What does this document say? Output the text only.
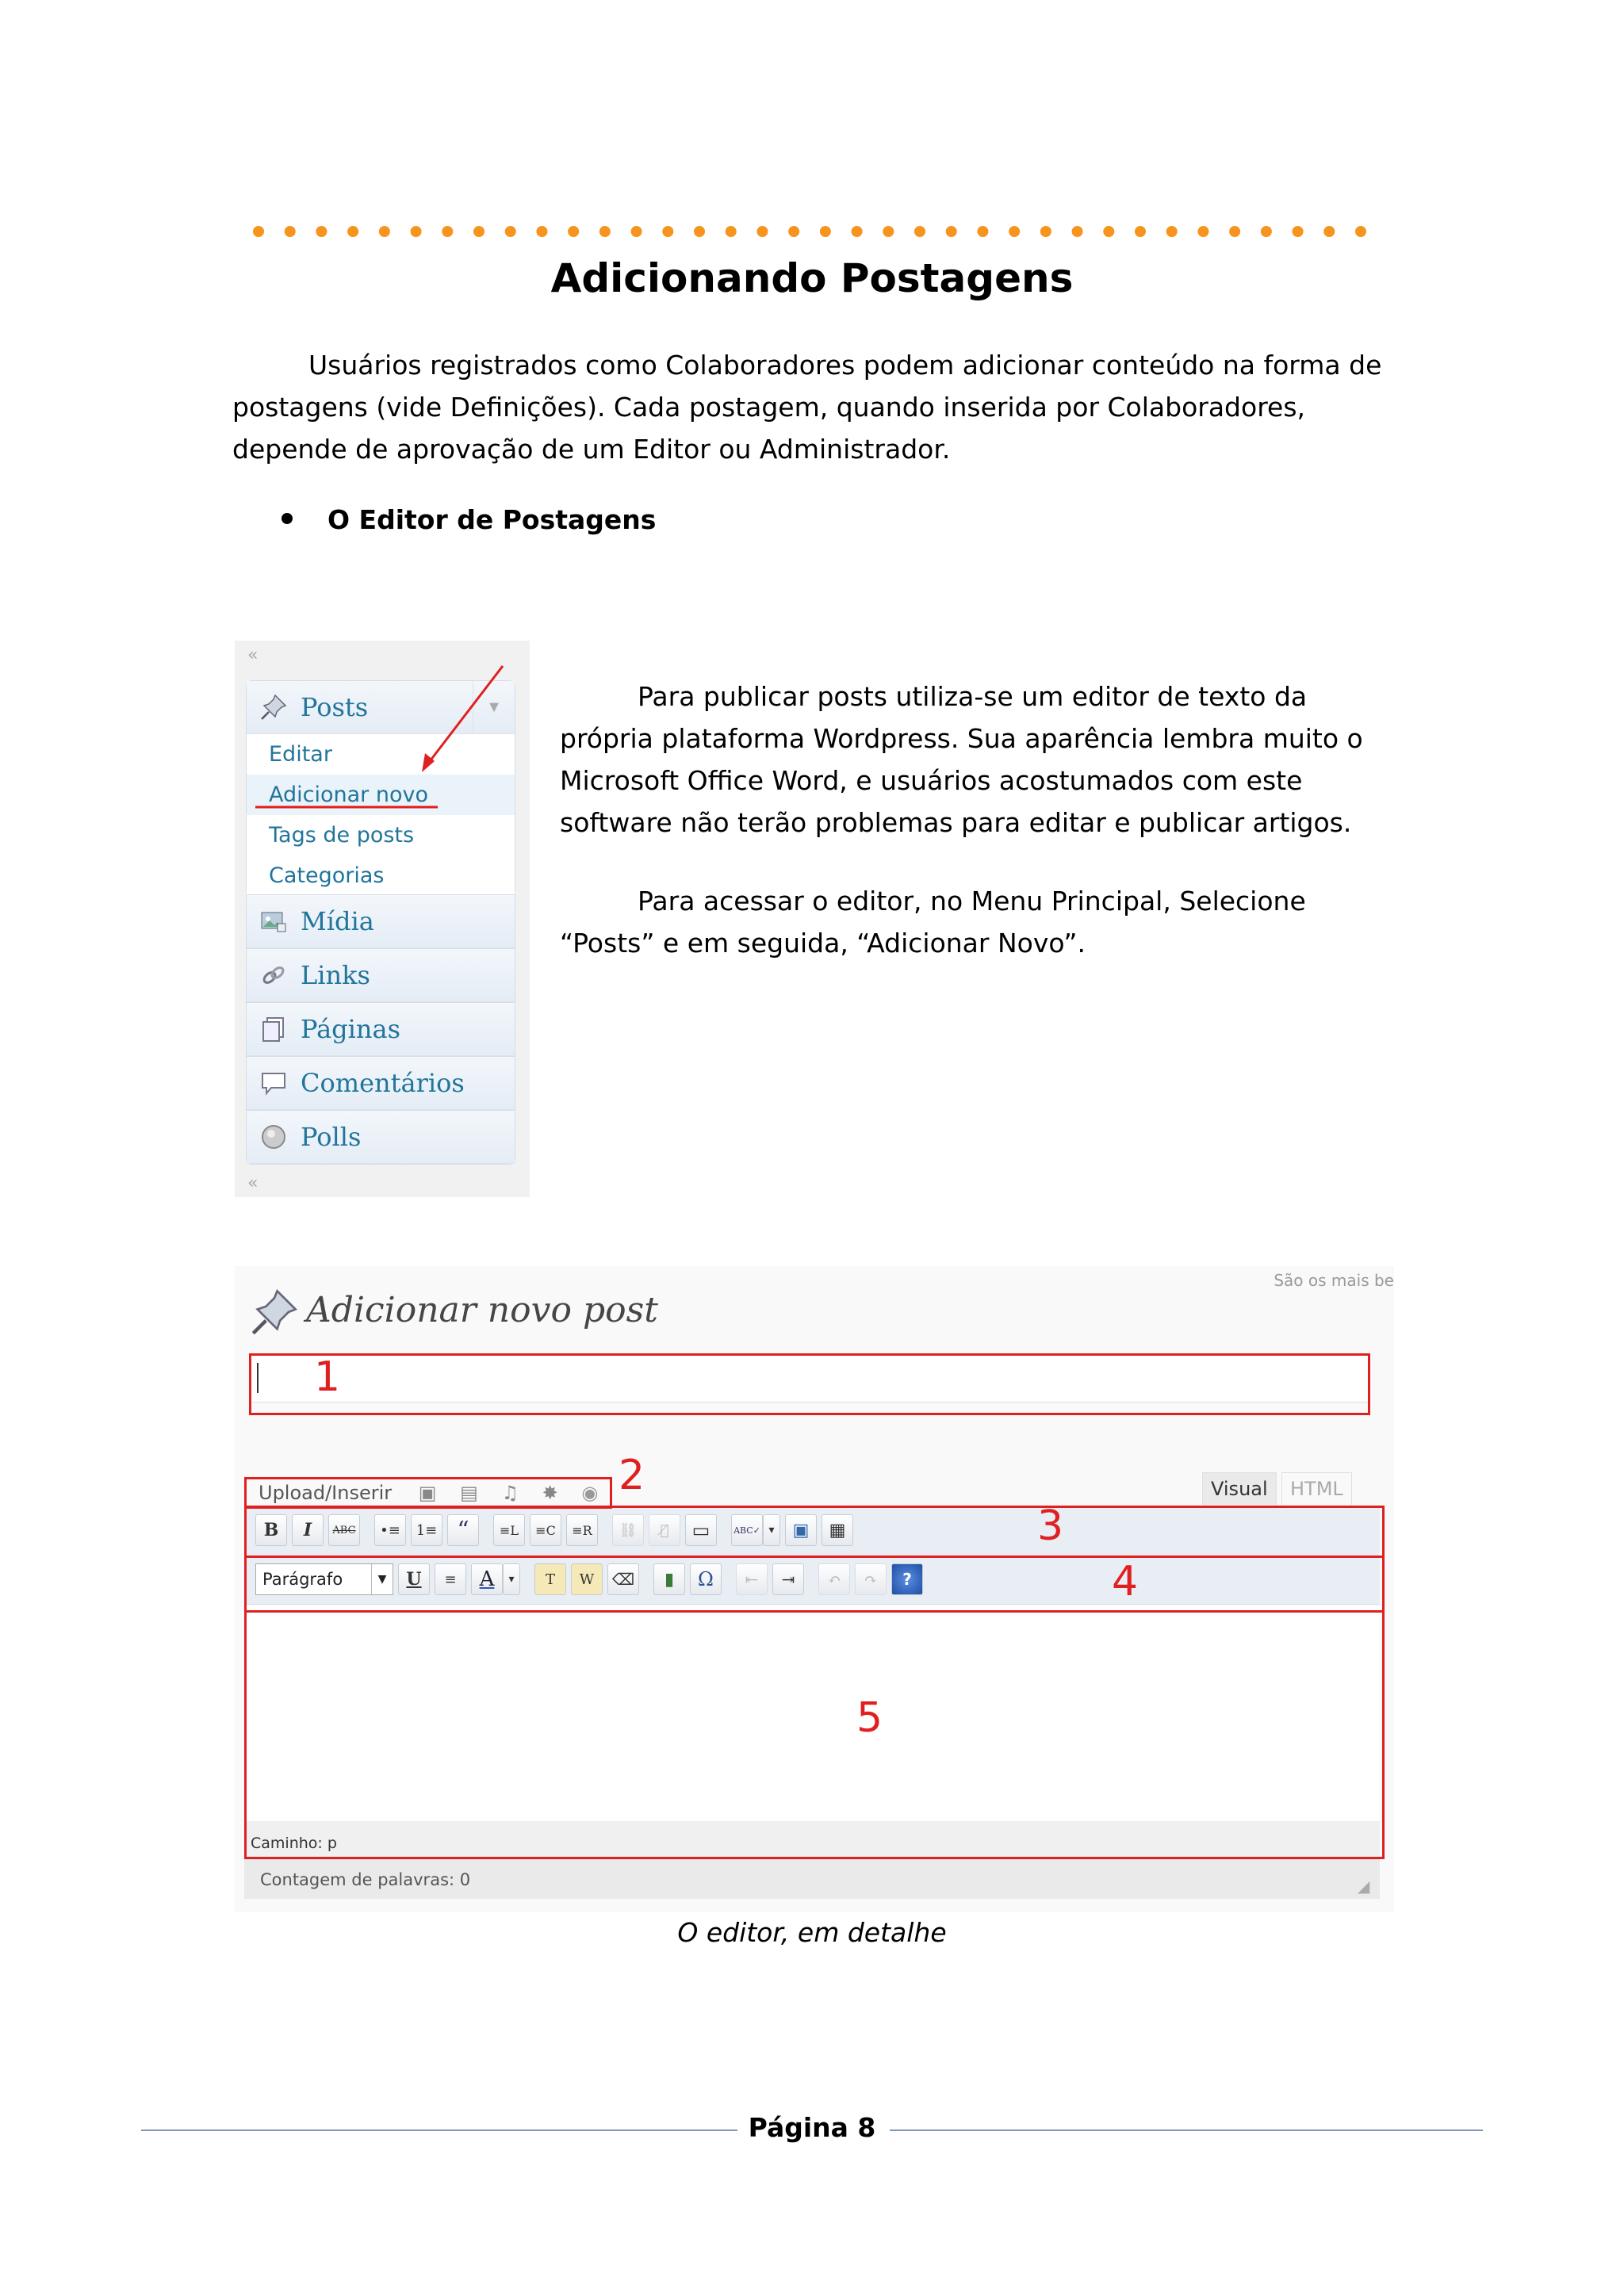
Adicionando Postagens
Usuários registrados como Colaboradores podem adicionar conteúdo na forma de postagens (vide Definições). Cada postagem, quando inserida por Colaboradores, depende de aprovação de um Editor ou Administrador.
O Editor de Postagens
«
Posts	▼
Editar
Adicionar novo
Tags de posts
Categorias
Mídia
Links
Páginas
Comentários
Polls
«

Para publicar posts utiliza-se um editor de texto da própria plataforma Wordpress. Sua aparência lembra muito o Microsoft Office Word, e usuários acostumados com este software não terão problemas para editar e publicar artigos.

Para acessar o editor, no Menu Principal, Selecione “Posts” e em seguida, “Adicionar Novo”.

Adicionar novo post
São os mais be
Upload/Inserir ▣ ▤ ♫ ✸ ◉	Visual	HTML
B	I	ABC	•≡	1≡ “	≡L	≡C	≡R	⛓	⛓̸	▭	ABC✓ ▾	▣	▦
Parágrafo	▼	U	≡	A	▾	T	W	⌫	▮	Ω	⇤	⇥	↶	↷	?
Caminho: p
Contagem de palavras: 0	◢
1
2
3
4
5
O editor, em detalhe
Página 8
